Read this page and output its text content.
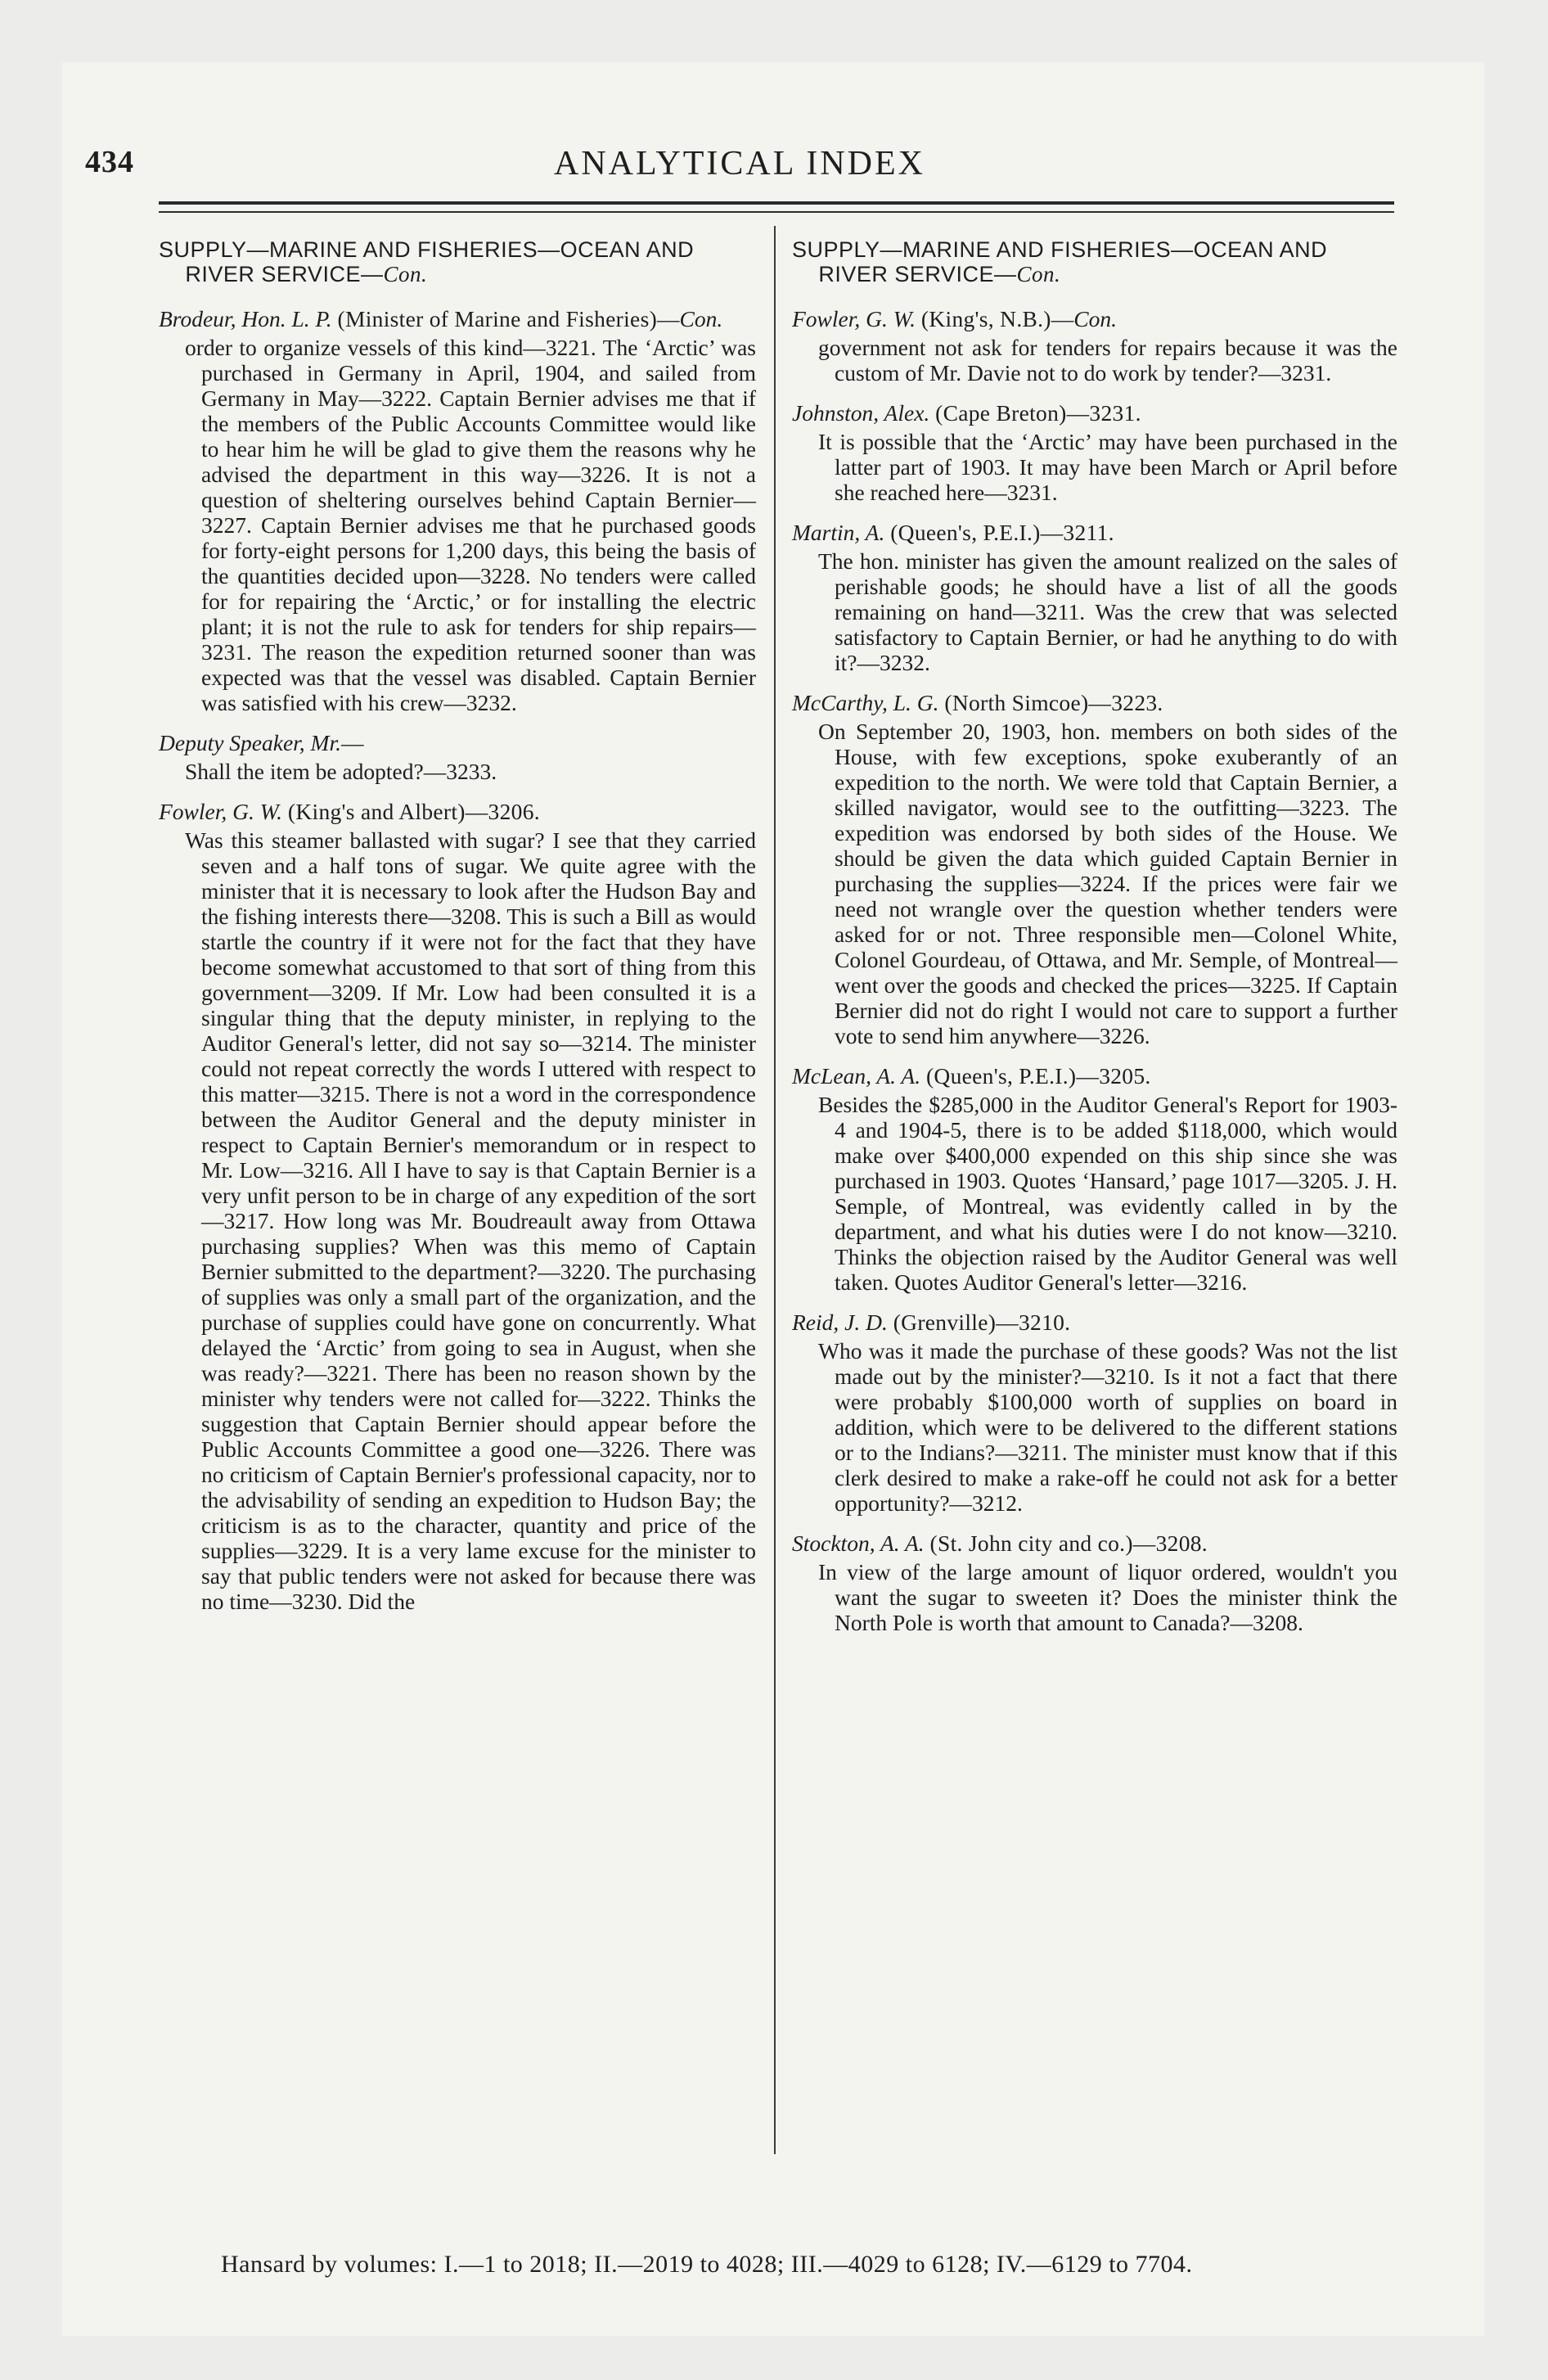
434	ANALYTICAL INDEX
SUPPLY—MARINE AND FISHERIES—OCEAN AND RIVER SERVICE—Con.

Brodeur, Hon. L. P. (Minister of Marine and Fisheries)—Con.

order to organize vessels of this kind—3221. The ‘Arctic’ was purchased in Germany in April, 1904, and sailed from Germany in May—3222. Captain Bernier advises me that if the members of the Public Accounts Committee would like to hear him he will be glad to give them the reasons why he advised the department in this way—3226. It is not a question of sheltering ourselves behind Captain Bernier—3227. Captain Bernier advises me that he purchased goods for forty-eight persons for 1,200 days, this being the basis of the quantities decided upon—3228. No tenders were called for for repairing the ‘Arctic,’ or for installing the electric plant; it is not the rule to ask for tenders for ship repairs—3231. The reason the expedition returned sooner than was expected was that the vessel was disabled. Captain Bernier was satisfied with his crew—3232.

Deputy Speaker, Mr.—

Shall the item be adopted?—3233.

Fowler, G. W. (King's and Albert)—3206.

Was this steamer ballasted with sugar? I see that they carried seven and a half tons of sugar. We quite agree with the minister that it is necessary to look after the Hudson Bay and the fishing interests there—3208. This is such a Bill as would startle the country if it were not for the fact that they have become somewhat accustomed to that sort of thing from this government—3209. If Mr. Low had been consulted it is a singular thing that the deputy minister, in replying to the Auditor General's letter, did not say so—3214. The minister could not repeat correctly the words I uttered with respect to this matter—3215. There is not a word in the correspondence between the Auditor General and the deputy minister in respect to Captain Bernier's memorandum or in respect to Mr. Low—3216. All I have to say is that Captain Bernier is a very unfit person to be in charge of any expedition of the sort—3217. How long was Mr. Boudreault away from Ottawa purchasing supplies? When was this memo of Captain Bernier submitted to the department?—3220. The purchasing of supplies was only a small part of the organization, and the purchase of supplies could have gone on concurrently. What delayed the ‘Arctic’ from going to sea in August, when she was ready?—3221. There has been no reason shown by the minister why tenders were not called for—3222. Thinks the suggestion that Captain Bernier should appear before the Public Accounts Committee a good one—3226. There was no criticism of Captain Bernier's professional capacity, nor to the advisability of sending an expedition to Hudson Bay; the criticism is as to the character, quantity and price of the supplies—3229. It is a very lame excuse for the minister to say that public tenders were not asked for because there was no time—3230. Did the

SUPPLY—MARINE AND FISHERIES—OCEAN AND RIVER SERVICE—Con.

Fowler, G. W. (King's, N.B.)—Con.

government not ask for tenders for repairs because it was the custom of Mr. Davie not to do work by tender?—3231.

Johnston, Alex. (Cape Breton)—3231.

It is possible that the ‘Arctic’ may have been purchased in the latter part of 1903. It may have been March or April before she reached here—3231.

Martin, A. (Queen's, P.E.I.)—3211.

The hon. minister has given the amount realized on the sales of perishable goods; he should have a list of all the goods remaining on hand—3211. Was the crew that was selected satisfactory to Captain Bernier, or had he anything to do with it?—3232.

McCarthy, L. G. (North Simcoe)—3223.

On September 20, 1903, hon. members on both sides of the House, with few exceptions, spoke exuberantly of an expedition to the north. We were told that Captain Bernier, a skilled navigator, would see to the outfitting—3223. The expedition was endorsed by both sides of the House. We should be given the data which guided Captain Bernier in purchasing the supplies—3224. If the prices were fair we need not wrangle over the question whether tenders were asked for or not. Three responsible men—Colonel White, Colonel Gourdeau, of Ottawa, and Mr. Semple, of Montreal—went over the goods and checked the prices—3225. If Captain Bernier did not do right I would not care to support a further vote to send him anywhere—3226.

McLean, A. A. (Queen's, P.E.I.)—3205.

Besides the $285,000 in the Auditor General's Report for 1903-4 and 1904-5, there is to be added $118,000, which would make over $400,000 expended on this ship since she was purchased in 1903. Quotes ‘Hansard,’ page 1017—3205. J. H. Semple, of Montreal, was evidently called in by the department, and what his duties were I do not know—3210. Thinks the objection raised by the Auditor General was well taken. Quotes Auditor General's letter—3216.

Reid, J. D. (Grenville)—3210.

Who was it made the purchase of these goods? Was not the list made out by the minister?—3210. Is it not a fact that there were probably $100,000 worth of supplies on board in addition, which were to be delivered to the different stations or to the Indians?—3211. The minister must know that if this clerk desired to make a rake-off he could not ask for a better opportunity?—3212.

Stockton, A. A. (St. John city and co.)—3208.

In view of the large amount of liquor ordered, wouldn't you want the sugar to sweeten it? Does the minister think the North Pole is worth that amount to Canada?—3208.

Hansard by volumes: I.—1 to 2018; II.—2019 to 4028; III.—4029 to 6128; IV.—6129 to 7704.
